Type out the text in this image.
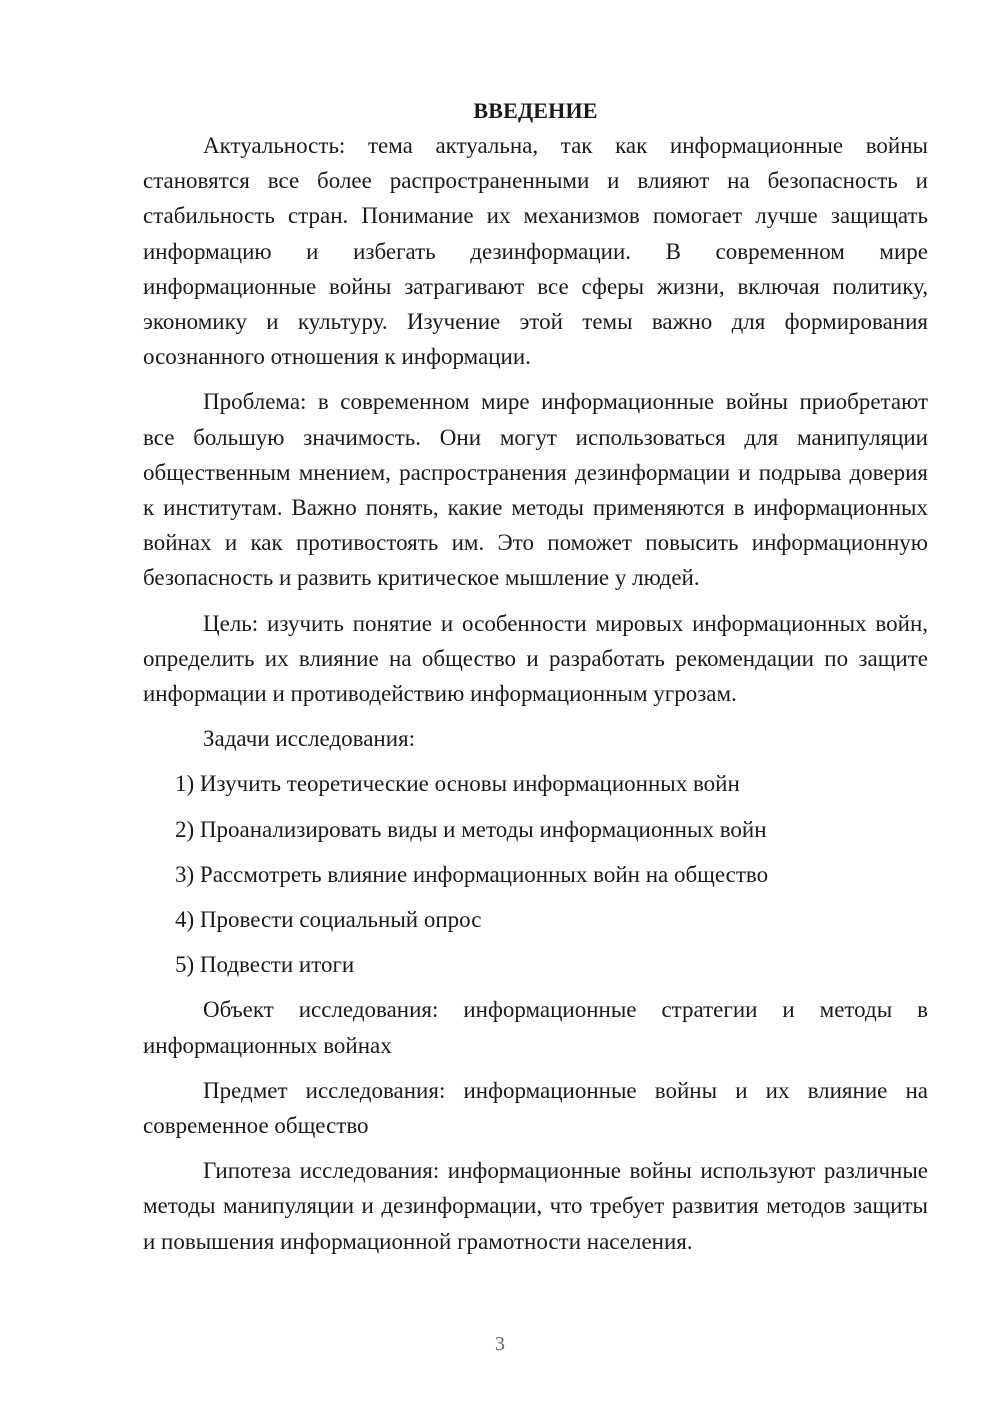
ВВЕДЕНИЕ

Актуальность: тема актуальна, так как информационные войны становятся все более распространенными и влияют на безопасность и стабильность стран. Понимание их механизмов помогает лучше защищать информацию и избегать дезинформации. В современном мире информационные войны затрагивают все сферы жизни, включая политику, экономику и культуру. Изучение этой темы важно для формирования осознанного отношения к информации.

Проблема: в современном мире информационные войны приобретают все большую значимость. Они могут использоваться для манипуляции общественным мнением, распространения дезинформации и подрыва доверия к институтам. Важно понять, какие методы применяются в информационных войнах и как противостоять им. Это поможет повысить информационную безопасность и развить критическое мышление у людей.

Цель: изучить понятие и особенности мировых информационных войн, определить их влияние на общество и разработать рекомендации по защите информации и противодействию информационным угрозам.

Задачи исследования:

1) Изучить теоретические основы информационных войн
2) Проанализировать виды и методы информационных войн
3) Рассмотреть влияние информационных войн на общество
4) Провести социальный опрос
5) Подвести итоги

Объект исследования: информационные стратегии и методы в информационных войнах

Предмет исследования: информационные войны и их влияние на современное общество

Гипотеза исследования: информационные войны используют различные методы манипуляции и дезинформации, что требует развития методов защиты и повышения информационной грамотности населения.

3
